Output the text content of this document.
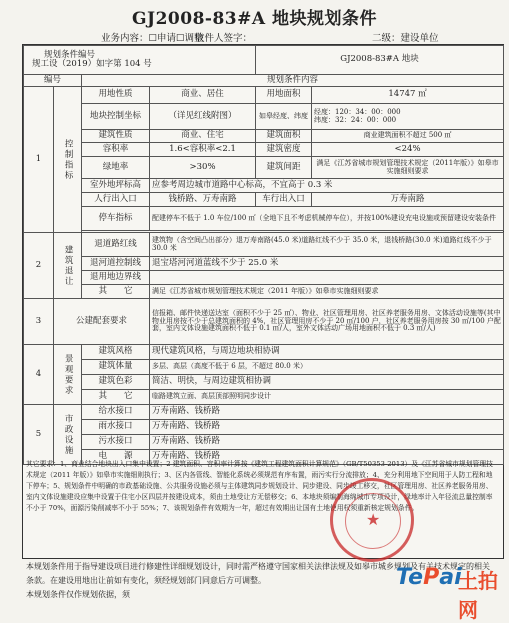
GJ2008-83#A 地块规划条件
业务内容：☐申请☐调整
收件人签字：	二级：建设单位
规划条件编号
规工设（2019）如字第 104 号				GJ2008-83#A 地块	
编号		规划条件内容			
1	控制指标	用地性质	商业、居住	用地面积	14747 ㎡
		地块控制坐标	（详见红线附图）	如皋经度、纬度	经度：120：34：00：000
纬度：32：24：00：000

		建筑性质	商业、住宅	建筑面积	商业建筑面积不超过 500 ㎡
		容积率	1.6<容积率<2.1	建筑密度	<24%
		绿地率	>30%	建筑间距	满足《江苏省城市规划管理技术规定（2011年版）》如皋市实施细则要求
		室外地坪标高	应参考周边城市道路中心标高，不宜高于 0.3 米		
		人行出入口	钱桥路、万寿南路	车行出入口	万寿南路
		停车指标	配建停车不低于 1.0 车位/100 ㎡（全地下且不考虑机械停车位），并按100%建设充电设施或预留建设安装条件		

2	建筑退让	退道路红线	建筑物（含空间凸出部分）退万寿南路(45.0 米)道路红线不少于 35.0 米，退钱桥路(30.0 米)道路红线不少于 30.0 米		
		退河道控制线	退宝塔河河道蓝线不少于 25.0 米		
		退用地边界线			
		其　　它	满足《江苏省城市规划管理技术规定（2011 年版）》如皋市实施细则要求		
3	公建配套要求		信报箱、邮件快递送达室（面积不少于 25 ㎡）、物业、社区管理用房、社区养老服务用房、文体活动设施等(其中物业用房按不少于总建筑面积的 4%，社区管理用房不少于 20 ㎡/100 户，社区养老服务用房按 30 ㎡/100 户配套，室内文体设施建筑面积不低于 0.1 ㎡/人，室外文体活动广场用地面积不低于 0.3 ㎡/人)		
4	景观要求	建筑风格	现代建筑风格，与周边地块相协调		
		建筑体量	多层、高层（高度不低于 6 层，不超过 80.0 米）		
		建筑色彩	简洁、明快，与周边建筑相协调		
		其　　它	临路建筑立面、高层顶部照明同步设计		
5	市政设施	给水接口	万寿南路、钱桥路		
		雨水接口	万寿南路、钱桥路		
		污水接口	万寿南路、钱桥路		
		电　　源	万寿南路、钱桥路		
其它要求：1、商业结合地块出入口集中设置；2 建筑面积、容积率计算按《建筑工程建筑面积计算规范》（GB/T50353-2013）及《江苏省城市规划管理技术规定（2011 年版）》如皋市实施细则执行；3、区内各管线、智能化系统必须规范有序布置，雨污实行分流排放；4、充分利用地下空间用于人防工程和地下停车；5、规划条件中明确的市政基础设施、公共服务设施必须与主体建筑同步规划设计、同步建设、同步竣工移交，社区管理用房、社区养老服务用房、室内文体设施建设应集中设置于住宅小区四层并按建设成本，须由土地受让方无偿移交；6、本地块须编制海绵城市专项设计，绿地率计入年径流总量控制率不小于 70%，面源污染削减率不小于 55%；7、该规划条件有效期为一年，超过有效期出让国有土地使用权须重新核定规划条件。
本规划条件用于指导建设项目进行修建性详细规划设计，同时需严格遵守国家相关法律法规及如皋市城乡规划及有关技术规定的相关条款。在建设用地出让前如有变化，须经规划部门同意后方可调整。
本规划条件仅作规划依据，须
★
TePai
土拍网
